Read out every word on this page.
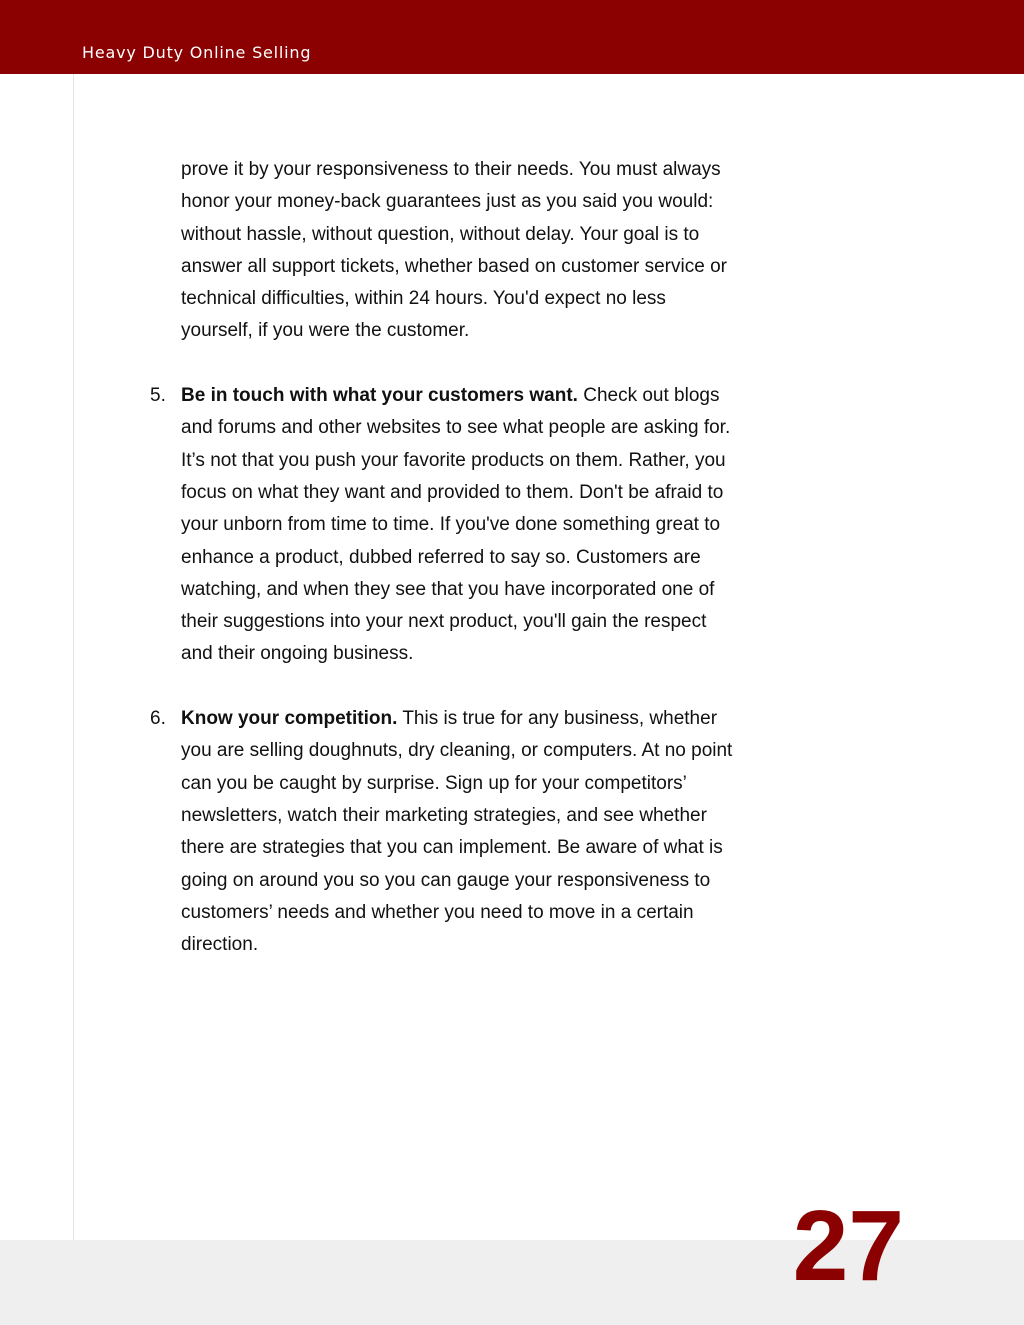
Heavy Duty Online Selling

prove it by your responsiveness to their needs. You must always honor your money-back guarantees just as you said you would: without hassle, without question, without delay. Your goal is to answer all support tickets, whether based on customer service or technical difficulties, within 24 hours. You'd expect no less yourself, if you were the customer.

5. Be in touch with what your customers want. Check out blogs and forums and other websites to see what people are asking for. It’s not that you push your favorite products on them. Rather, you focus on what they want and provided to them. Don't be afraid to your unborn from time to time. If you've done something great to enhance a product, dubbed referred to say so. Customers are watching, and when they see that you have incorporated one of their suggestions into your next product, you'll gain the respect and their ongoing business.
6. Know your competition. This is true for any business, whether you are selling doughnuts, dry cleaning, or computers. At no point can you be caught by surprise. Sign up for your competitors’ newsletters, watch their marketing strategies, and see whether there are strategies that you can implement. Be aware of what is going on around you so you can gauge your responsiveness to customers’ needs and whether you need to move in a certain direction.
27
